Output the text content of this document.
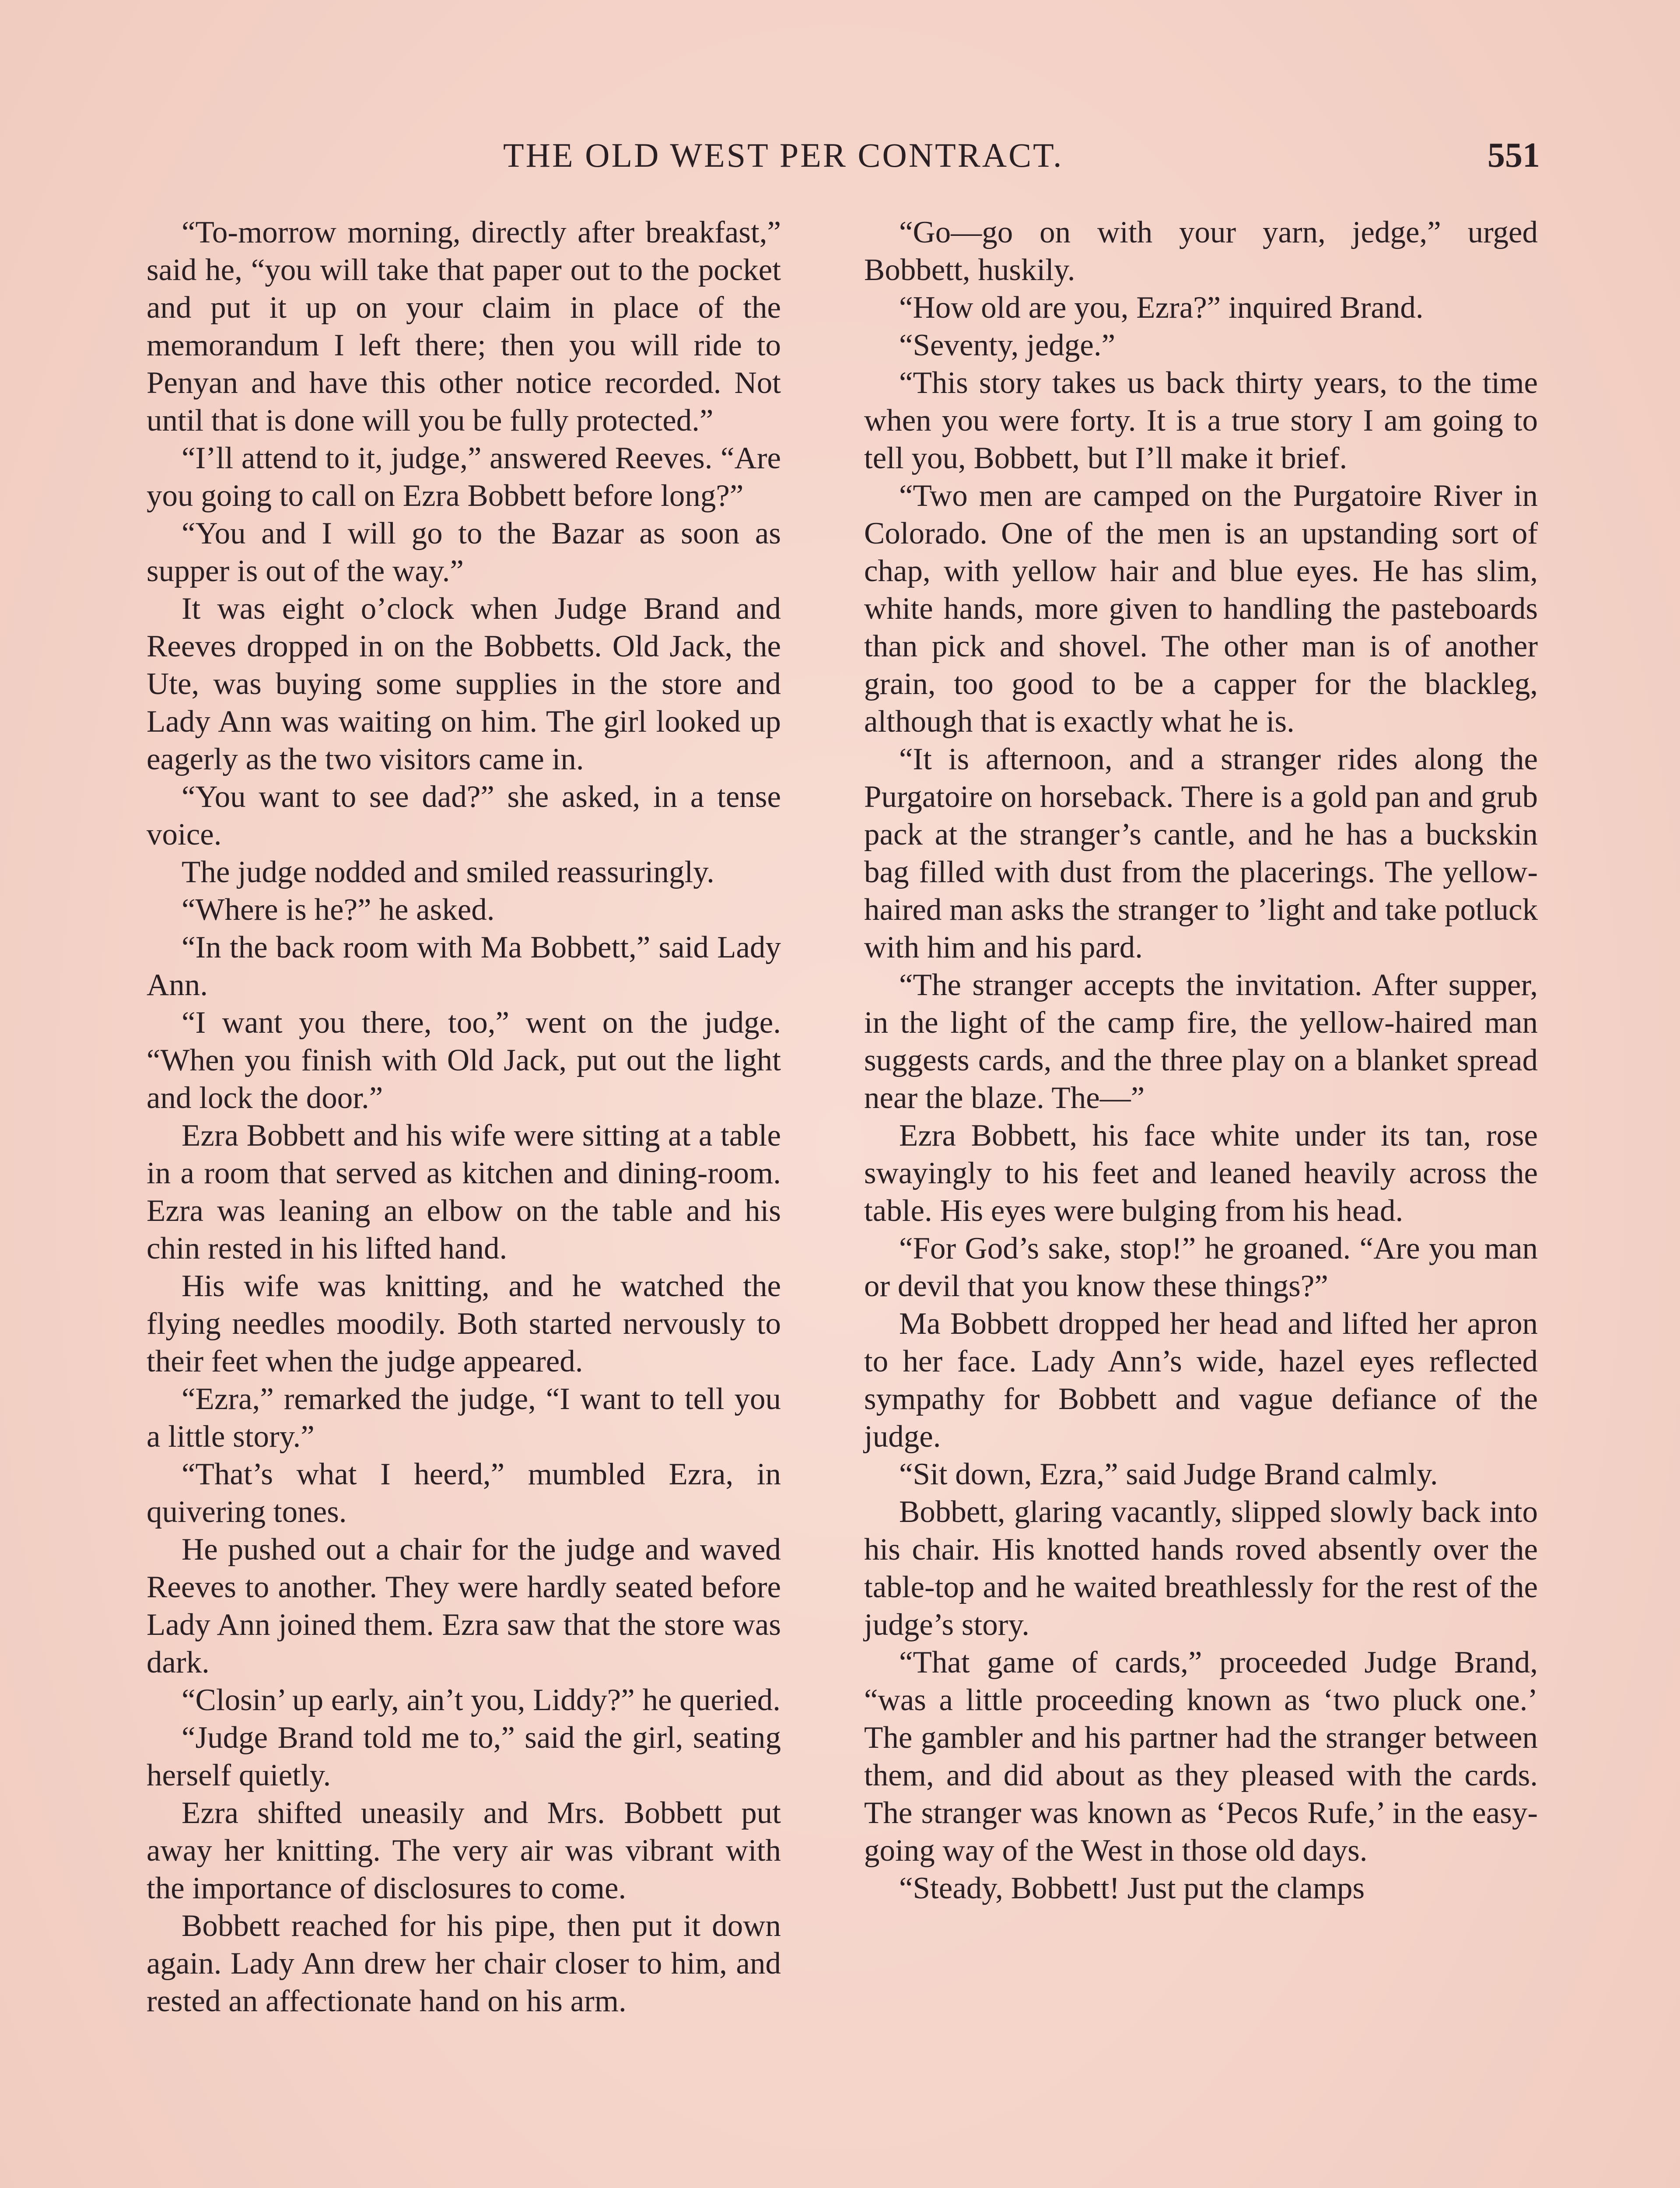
THE OLD WEST PER CONTRACT.	551

“To-morrow morning, directly after breakfast,” said he, “you will take that paper out to the pocket and put it up on your claim in place of the memorandum I left there; then you will ride to Penyan and have this other notice recorded. Not until that is done will you be fully protected.”

“I’ll attend to it, judge,” answered Reeves. “Are you going to call on Ezra Bobbett before long?”

“You and I will go to the Bazar as soon as supper is out of the way.”

It was eight o’clock when Judge Brand and Reeves dropped in on the Bobbetts. Old Jack, the Ute, was buying some supplies in the store and Lady Ann was waiting on him. The girl looked up eagerly as the two visitors came in.

“You want to see dad?” she asked, in a tense voice.

The judge nodded and smiled reassuringly.

“Where is he?” he asked.

“In the back room with Ma Bobbett,” said Lady Ann.

“I want you there, too,” went on the judge. “When you finish with Old Jack, put out the light and lock the door.”

Ezra Bobbett and his wife were sitting at a table in a room that served as kitchen and dining-room. Ezra was leaning an elbow on the table and his chin rested in his lifted hand.

His wife was knitting, and he watched the flying needles moodily. Both started nervously to their feet when the judge appeared.

“Ezra,” remarked the judge, “I want to tell you a little story.”

“That’s what I heerd,” mumbled Ezra, in quivering tones.

He pushed out a chair for the judge and waved Reeves to another. They were hardly seated before Lady Ann joined them. Ezra saw that the store was dark.

“Closin’ up early, ain’t you, Liddy?” he queried.

“Judge Brand told me to,” said the girl, seating herself quietly.

Ezra shifted uneasily and Mrs. Bobbett put away her knitting. The very air was vibrant with the importance of disclosures to come.

Bobbett reached for his pipe, then put it down again. Lady Ann drew her chair closer to him, and rested an affectionate hand on his arm.

“Go—go on with your yarn, jedge,” urged Bobbett, huskily.

“How old are you, Ezra?” inquired Brand.

“Seventy, jedge.”

“This story takes us back thirty years, to the time when you were forty. It is a true story I am going to tell you, Bobbett, but I’ll make it brief.

“Two men are camped on the Purgatoire River in Colorado. One of the men is an upstanding sort of chap, with yellow hair and blue eyes. He has slim, white hands, more given to handling the pasteboards than pick and shovel. The other man is of another grain, too good to be a capper for the blackleg, although that is exactly what he is.

“It is afternoon, and a stranger rides along the Purgatoire on horseback. There is a gold pan and grub pack at the stranger’s cantle, and he has a buckskin bag filled with dust from the placerings. The yellow-haired man asks the stranger to ’light and take potluck with him and his pard.

“The stranger accepts the invitation. After supper, in the light of the camp fire, the yellow-haired man suggests cards, and the three play on a blanket spread near the blaze. The—”

Ezra Bobbett, his face white under its tan, rose swayingly to his feet and leaned heavily across the table. His eyes were bulging from his head.

“For God’s sake, stop!” he groaned. “Are you man or devil that you know these things?”

Ma Bobbett dropped her head and lifted her apron to her face. Lady Ann’s wide, hazel eyes reflected sympathy for Bobbett and vague defiance of the judge.

“Sit down, Ezra,” said Judge Brand calmly.

Bobbett, glaring vacantly, slipped slowly back into his chair. His knotted hands roved absently over the table-top and he waited breathlessly for the rest of the judge’s story.

“That game of cards,” proceeded Judge Brand, “was a little proceeding known as ‘two pluck one.’ The gambler and his partner had the stranger between them, and did about as they pleased with the cards. The stranger was known as ‘Pecos Rufe,’ in the easy-going way of the West in those old days.

“Steady, Bobbett! Just put the clamps
